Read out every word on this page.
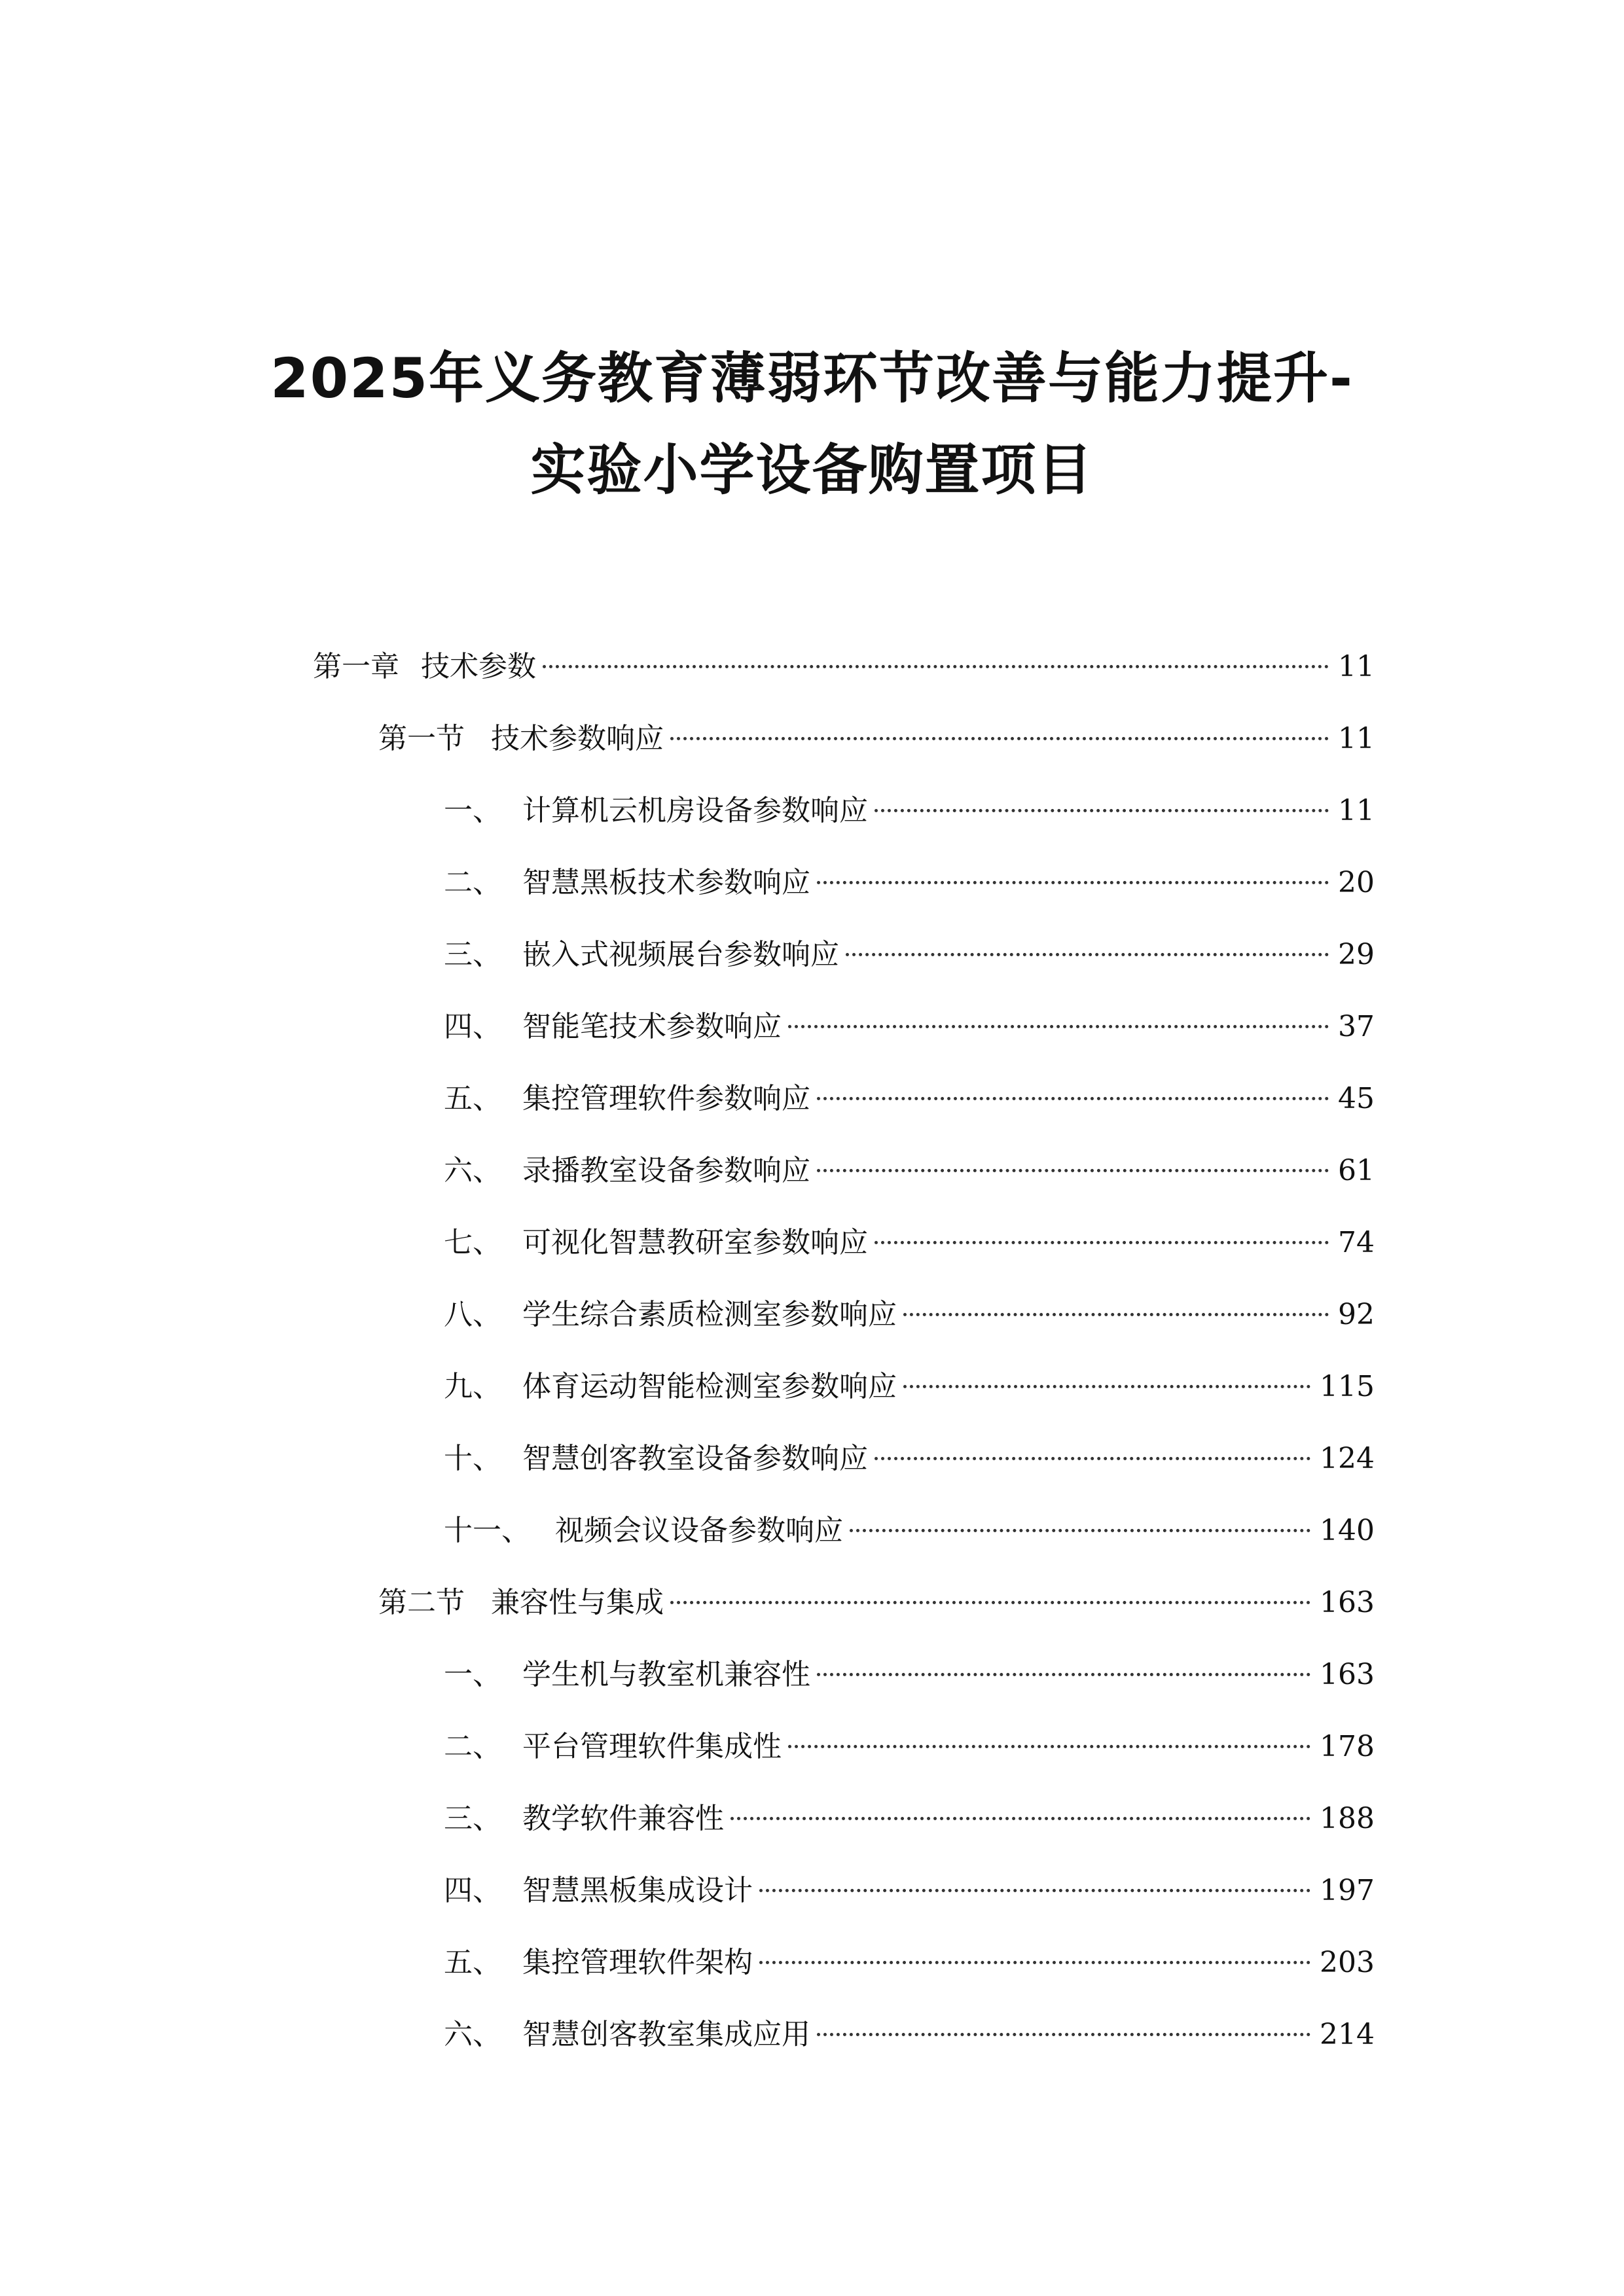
2025年义务教育薄弱环节改善与能力提升-
实验小学设备购置项目
第一章 技术参数	11
第一节 技术参数响应	11
一、 计算机云机房设备参数响应	11
二、 智慧黑板技术参数响应	20
三、 嵌入式视频展台参数响应	29
四、 智能笔技术参数响应	37
五、 集控管理软件参数响应	45
六、 录播教室设备参数响应	61
七、 可视化智慧教研室参数响应	74
八、 学生综合素质检测室参数响应	92
九、 体育运动智能检测室参数响应	115
十、 智慧创客教室设备参数响应	124
十一、 视频会议设备参数响应	140
第二节 兼容性与集成	163
一、 学生机与教室机兼容性	163
二、 平台管理软件集成性	178
三、 教学软件兼容性	188
四、 智慧黑板集成设计	197
五、 集控管理软件架构	203
六、 智慧创客教室集成应用	214
